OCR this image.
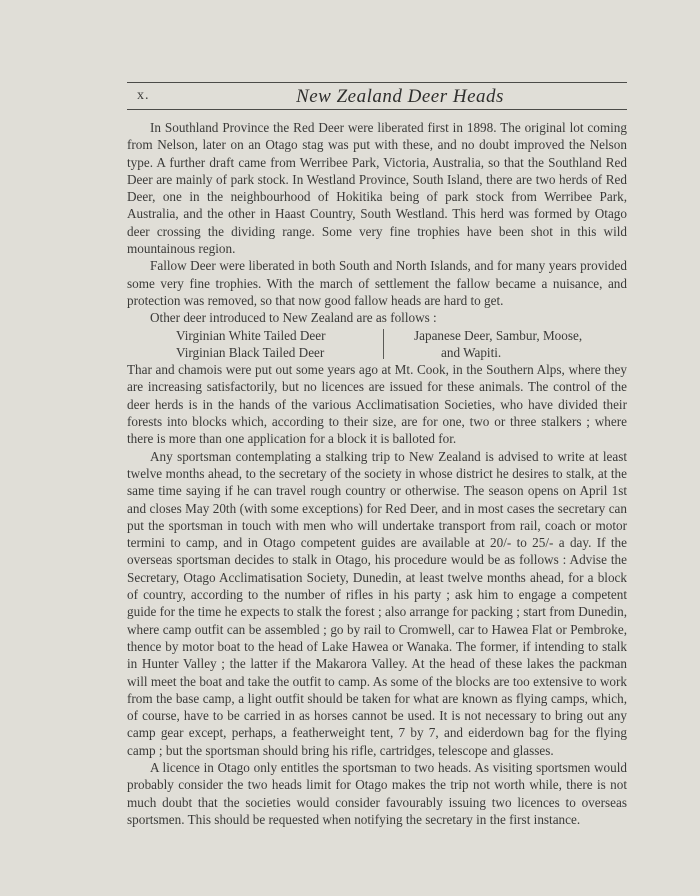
x.	New Zealand Deer Heads

In Southland Province the Red Deer were liberated first in 1898. The original lot coming from Nelson, later on an Otago stag was put with these, and no doubt improved the Nelson type. A further draft came from Werribee Park, Victoria, Australia, so that the Southland Red Deer are mainly of park stock. In Westland Province, South Island, there are two herds of Red Deer, one in the neighbourhood of Hokitika being of park stock from Werribee Park, Australia, and the other in Haast Country, South Westland. This herd was formed by Otago deer crossing the dividing range. Some very fine trophies have been shot in this wild mountainous region.

Fallow Deer were liberated in both South and North Islands, and for many years provided some very fine trophies. With the march of settlement the fallow became a nuisance, and protection was removed, so that now good fallow heads are hard to get.

Other deer introduced to New Zealand are as follows :

Virginian White Tailed Deer
Virginian Black Tailed Deer
Japanese Deer, Sambur, Moose,
and Wapiti.

Thar and chamois were put out some years ago at Mt. Cook, in the Southern Alps, where they are increasing satisfactorily, but no licences are issued for these animals. The control of the deer herds is in the hands of the various Acclimatisation Societies, who have divided their forests into blocks which, according to their size, are for one, two or three stalkers ; where there is more than one application for a block it is balloted for.

Any sportsman contemplating a stalking trip to New Zealand is advised to write at least twelve months ahead, to the secretary of the society in whose district he desires to stalk, at the same time saying if he can travel rough country or otherwise. The season opens on April 1st and closes May 20th (with some exceptions) for Red Deer, and in most cases the secretary can put the sportsman in touch with men who will undertake transport from rail, coach or motor termini to camp, and in Otago competent guides are available at 20/- to 25/- a day. If the overseas sportsman decides to stalk in Otago, his procedure would be as follows : Advise the Secretary, Otago Acclimatisation Society, Dunedin, at least twelve months ahead, for a block of country, according to the number of rifles in his party ; ask him to engage a competent guide for the time he expects to stalk the forest ; also arrange for packing ; start from Dunedin, where camp outfit can be assembled ; go by rail to Cromwell, car to Hawea Flat or Pembroke, thence by motor boat to the head of Lake Hawea or Wanaka. The former, if intending to stalk in Hunter Valley ; the latter if the Makarora Valley. At the head of these lakes the packman will meet the boat and take the outfit to camp. As some of the blocks are too extensive to work from the base camp, a light outfit should be taken for what are known as flying camps, which, of course, have to be carried in as horses cannot be used. It is not necessary to bring out any camp gear except, perhaps, a featherweight tent, 7 by 7, and eiderdown bag for the flying camp ; but the sportsman should bring his rifle, cartridges, telescope and glasses.

A licence in Otago only entitles the sportsman to two heads. As visiting sportsmen would probably consider the two heads limit for Otago makes the trip not worth while, there is not much doubt that the societies would consider favourably issuing two licences to overseas sportsmen. This should be requested when notifying the secretary in the first instance.
